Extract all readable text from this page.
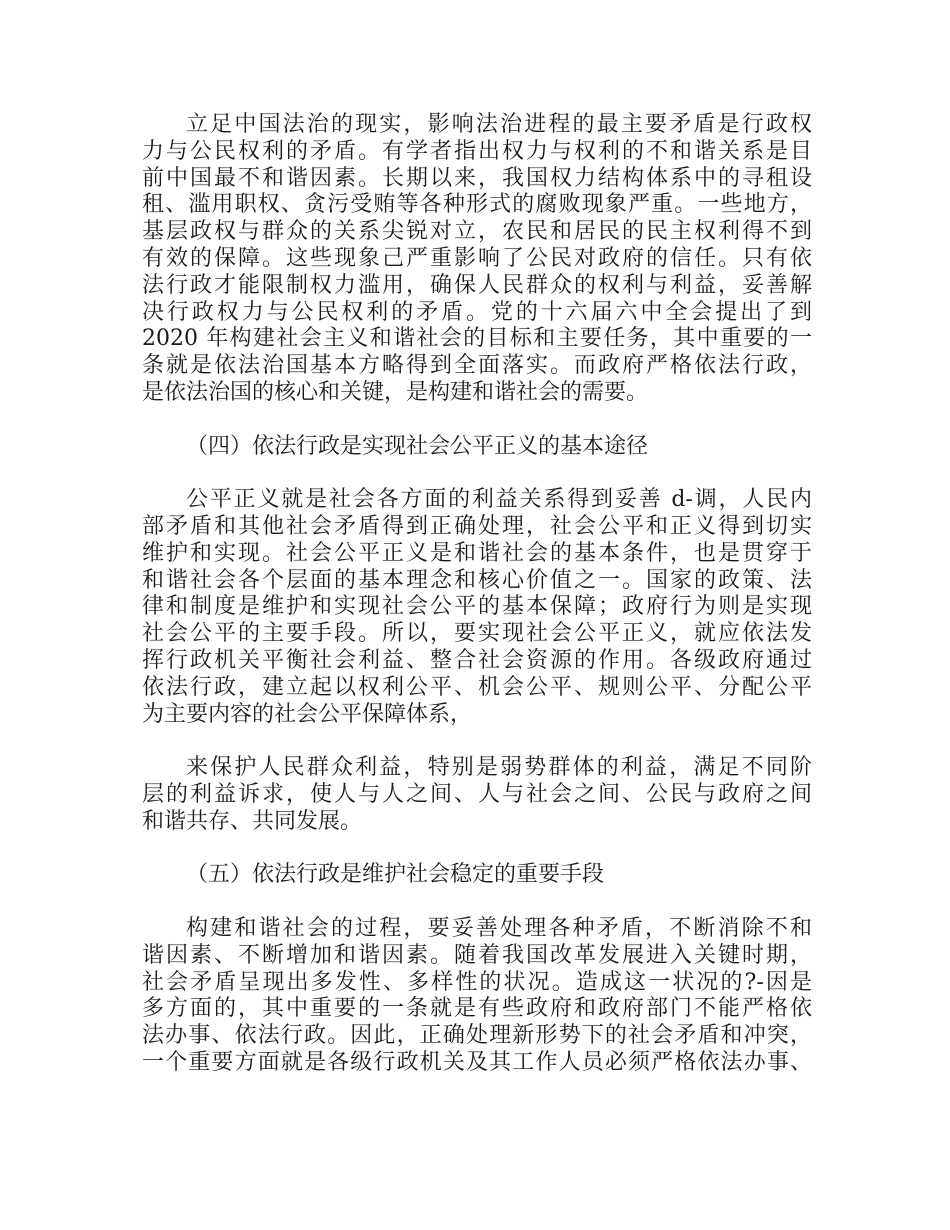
立足中国法治的现实，影响法治进程的最主要矛盾是行政权
力与公民权利的矛盾。有学者指出权力与权利的不和谐关系是目
前中国最不和谐因素。长期以来，我国权力结构体系中的寻租设
租、滥用职权、贪污受贿等各种形式的腐败现象严重。一些地方，
基层政权与群众的关系尖锐对立，农民和居民的民主权利得不到
有效的保障。这些现象己严重影响了公民对政府的信任。只有依
法行政才能限制权力滥用，确保人民群众的权利与利益，妥善解
决行政权力与公民权利的矛盾。党的十六届六中全会提出了到
2020 年构建社会主义和谐社会的目标和主要任务，其中重要的一
条就是依法治国基本方略得到全面落实。而政府严格依法行政，
是依法治国的核心和关键，是构建和谐社会的需要。
（四）依法行政是实现社会公平正义的基本途径
公平正义就是社会各方面的利益关系得到妥善 d-调，人民内
部矛盾和其他社会矛盾得到正确处理，社会公平和正义得到切实
维护和实现。社会公平正义是和谐社会的基本条件，也是贯穿于
和谐社会各个层面的基本理念和核心价值之一。国家的政策、法
律和制度是维护和实现社会公平的基本保障；政府行为则是实现
社会公平的主要手段。所以，要实现社会公平正义，就应依法发
挥行政机关平衡社会利益、整合社会资源的作用。各级政府通过
依法行政，建立起以权利公平、机会公平、规则公平、分配公平
为主要内容的社会公平保障体系，
来保护人民群众利益，特别是弱势群体的利益，满足不同阶
层的利益诉求，使人与人之间、人与社会之间、公民与政府之间
和谐共存、共同发展。
（五）依法行政是维护社会稳定的重要手段
构建和谐社会的过程，要妥善处理各种矛盾，不断消除不和
谐因素、不断增加和谐因素。随着我国改革发展进入关键时期，
社会矛盾呈现出多发性、多样性的状况。造成这一状况的?-因是
多方面的，其中重要的一条就是有些政府和政府部门不能严格依
法办事、依法行政。因此，正确处理新形势下的社会矛盾和冲突，
一个重要方面就是各级行政机关及其工作人员必须严格依法办事、
